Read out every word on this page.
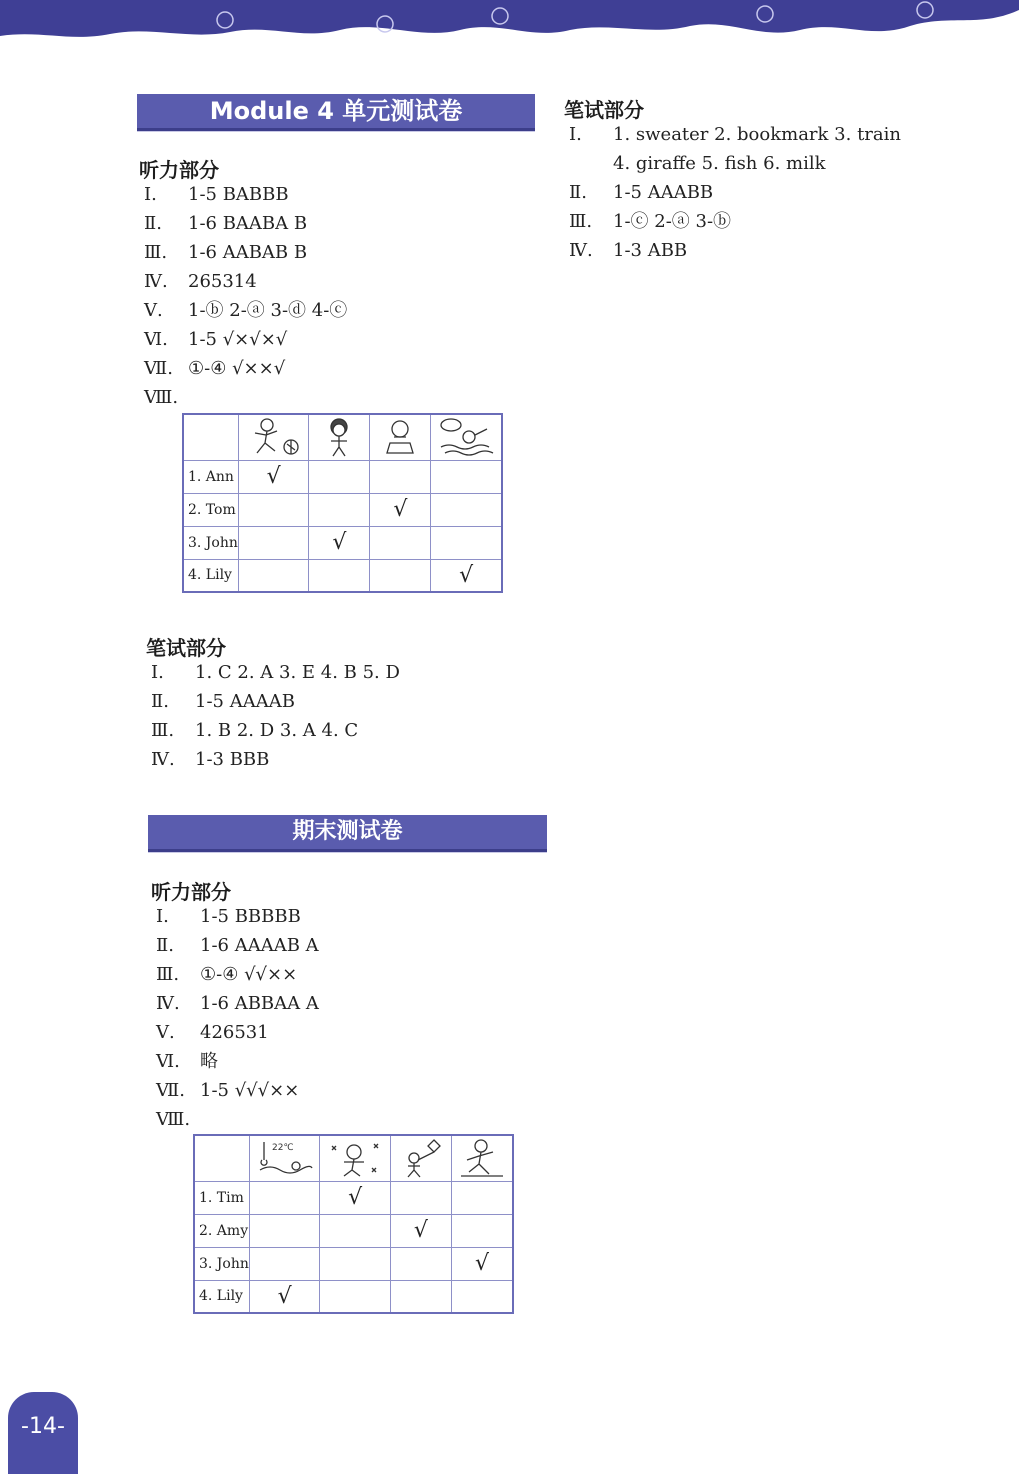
Module 4 单元测试卷
听力部分
Ⅰ. 1-5 BABBB
Ⅱ. 1-6 BAABA B
Ⅲ. 1-6 AABAB B
Ⅳ. 265314
Ⅴ. 1-ⓑ 2-ⓐ 3-ⓓ 4-ⓒ
Ⅵ. 1-5 √×√×√
Ⅶ. ①-④ √××√
Ⅷ.

1. Ann	√			
2. Tom			√	
3. John		√		
4. Lily				√
笔试部分
Ⅰ. 1. C 2. A 3. E 4. B 5. D
Ⅱ. 1-5 AAAAB
Ⅲ. 1. B 2. D 3. A 4. C
Ⅳ. 1-3 BBB
笔试部分
Ⅰ. 1. sweater 2. bookmark 3. train
4. giraffe 5. fish 6. milk
Ⅱ. 1-5 AAABB
Ⅲ. 1-ⓒ 2-ⓐ 3-ⓑ
Ⅳ. 1-3 ABB
期末测试卷
听力部分
Ⅰ. 1-5 BBBBB
Ⅱ. 1-6 AAAAB A
Ⅲ. ①-④ √√××
Ⅳ. 1-6 ABBAA A
Ⅴ. 426531
Ⅵ. 略
Ⅶ. 1-5 √√√××
Ⅷ.

22℃

1. Tim		√		
2. Amy			√	
3. John				√
4. Lily	√			
-14-
